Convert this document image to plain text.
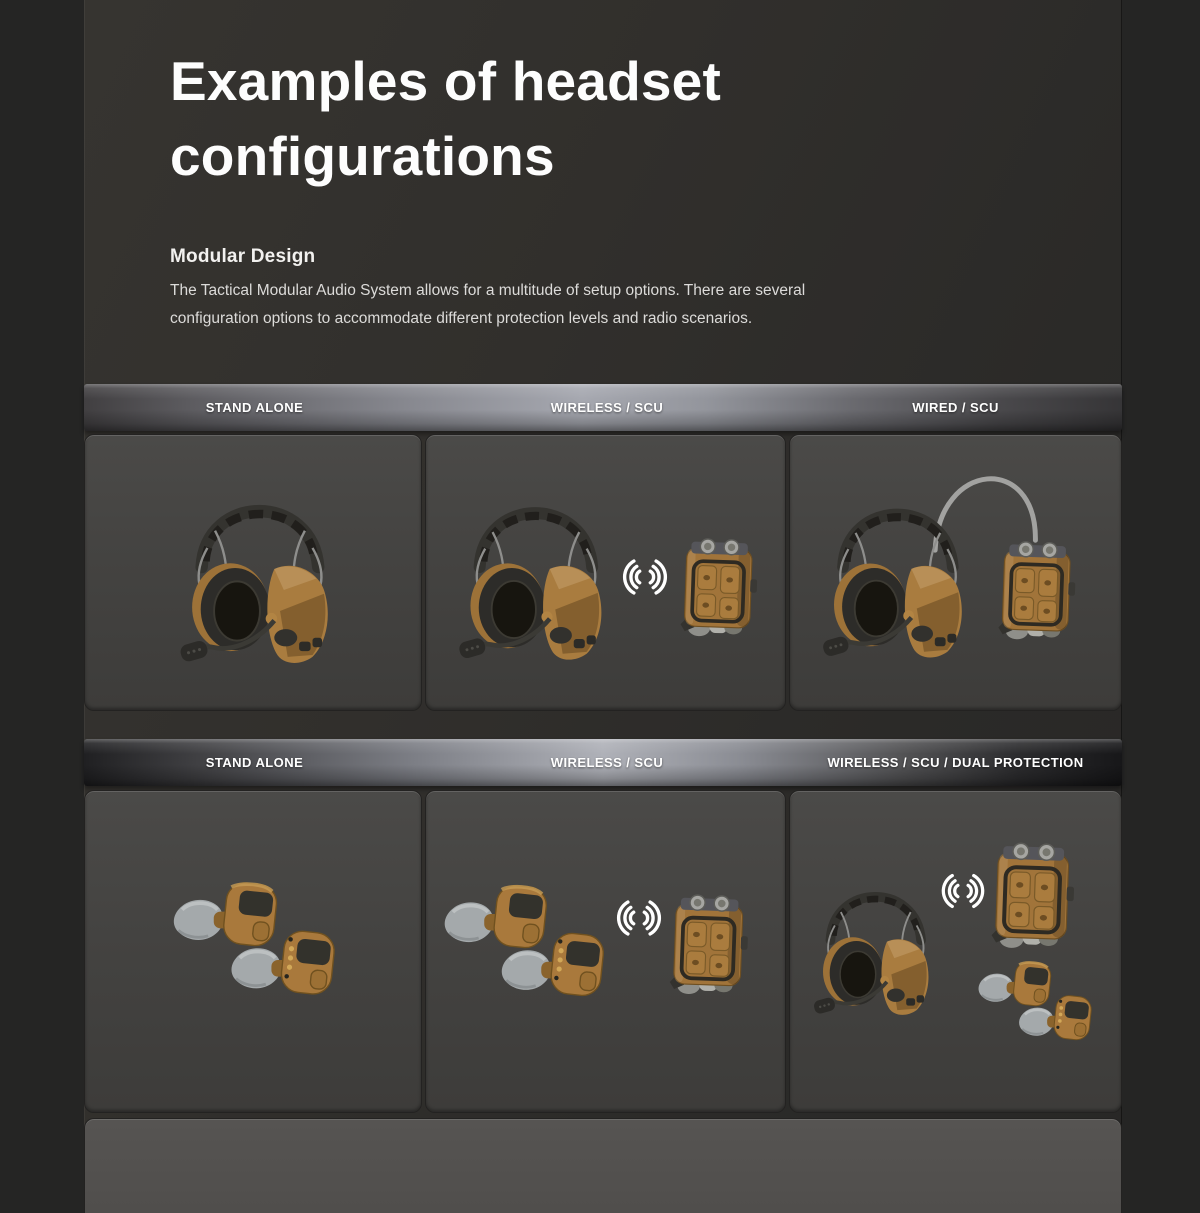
Examples of headset
configurations
Modular Design

The Tactical Modular Audio System allows for a multitude of setup options. There are several configuration options to accommodate different protection levels and radio scenarios.

STAND ALONE	WIRELESS / SCU	WIRED / SCU
STAND ALONE	WIRELESS / SCU	WIRELESS / SCU / DUAL PROTECTION
